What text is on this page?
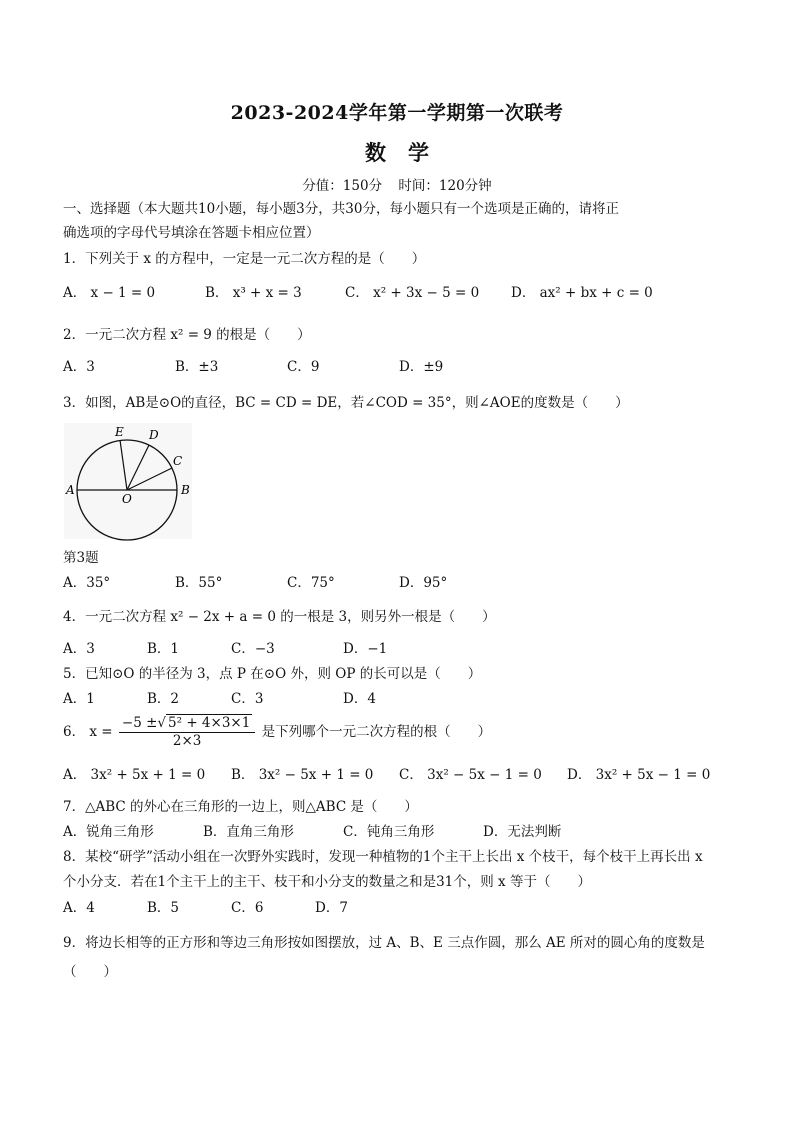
2023-2024学年第一学期第一次联考
数学
分值：150分 时间：120分钟
一、选择题（本大题共10小题，每小题3分，共30分，每小题只有一个选项是正确的，请将正
确选项的字母代号填涂在答题卡相应位置）
1．下列关于 x 的方程中，一定是一元二次方程的是（　　）
A． x − 1 = 0	B． x³ + x = 3	C． x² + 3x − 5 = 0 D． ax² + bx + c = 0
2．一元二次方程 x² = 9 的根是（　　）
A．3	B．±3	C．9	D．±9
3．如图，AB是⊙O的直径，BC = CD = DE，若∠COD = 35°，则∠AOE的度数是（　　）
E D
C
A
O
B
第3题
A．35°	B．55°	C．75°	D．95°
4．一元二次方程 x² − 2x + a = 0 的一根是 3，则另外一根是（　　）
A．3	B．1	C．−3	D．−1
5．已知⊙O 的半径为 3，点 P 在⊙O 外，则 OP 的长可以是（　　）
A．1	B．2	C．3	D．4
6． $x = \frac{\text{−5 ±√ 5² + 4×3×1}}{2\times 3}$ 是下列哪个一元二次方程的根（　　）
A． 3x² + 5x + 1 = 0 B． 3x² − 5x + 1 = 0 C． 3x² − 5x − 1 = 0 D． 3x² + 5x − 1 = 0
7．△ABC 的外心在三角形的一边上，则△ABC 是（　　）
A．锐角三角形	B．直角三角形	C．钝角三角形	D．无法判断
8．某校“研学”活动小组在一次野外实践时，发现一种植物的1个主干上长出 x 个枝干，每个枝干上再长出 x
个小分支．若在1个主干上的主干、枝干和小分支的数量之和是31个，则 x 等于（　　）
A．4	B．5	C．6	D．7
9．将边长相等的正方形和等边三角形按如图摆放，过 A、B、E 三点作圆，那么 AE 所对的圆心角的度数是
（　　）
